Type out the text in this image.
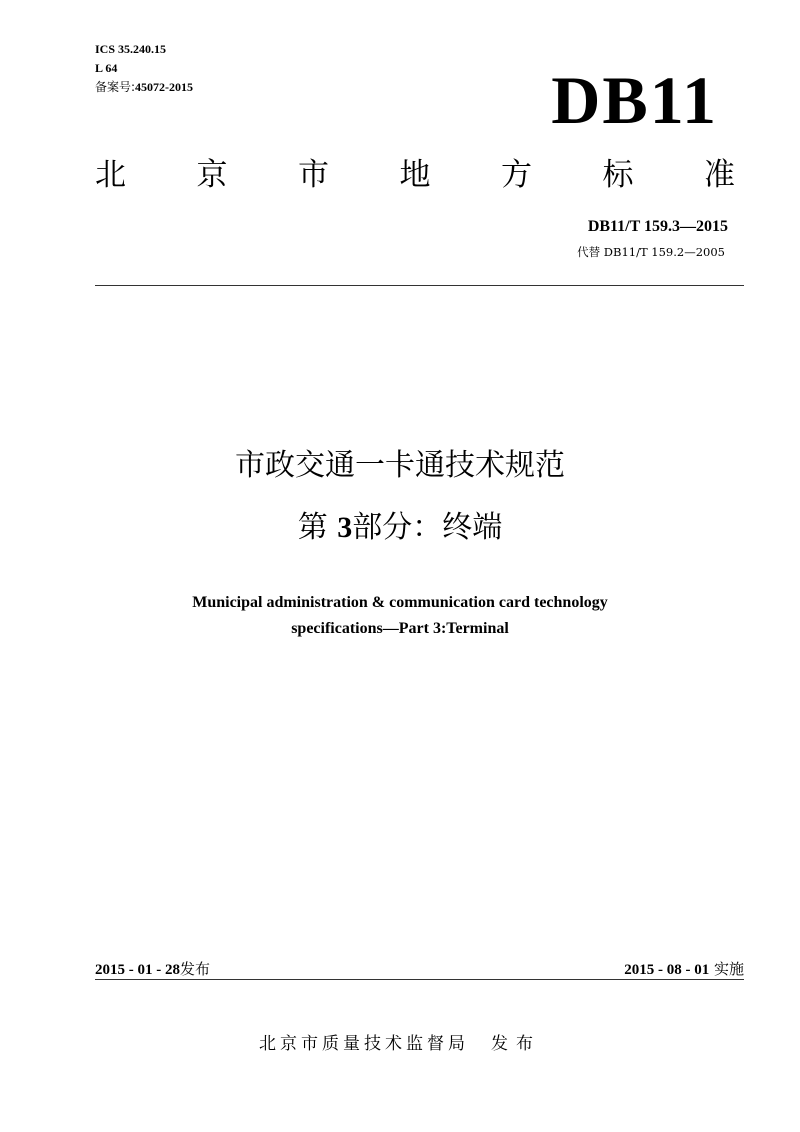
ICS 35.240.15
L 64
备案号:45072-2015	DB11
北 京 市 地 方 标 准
DB11/T 159.3—2015
代替 DB11/T 159.2—2005
市政交通一卡通技术规范
第 3部分：终端
Municipal administration & communication card technology
specifications—Part 3:Terminal
2015 - 01 - 28发布	2015 - 08 - 01 实施
北京市质量技术监督局 发布
